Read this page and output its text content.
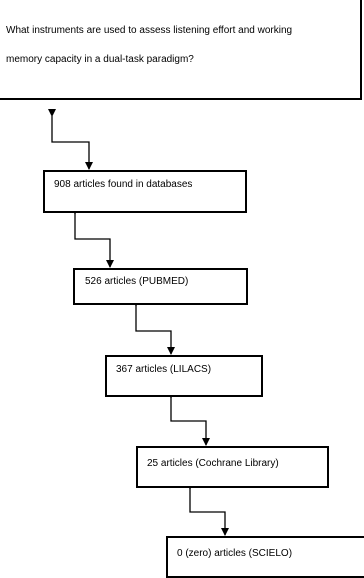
What instruments are used to assess listening effort and working
memory capacity in a dual-task paradigm?
908 articles found in databases
526 articles (PUBMED)
367 articles (LILACS)
25 articles (Cochrane Library)
0 (zero) articles (SCIELO)
